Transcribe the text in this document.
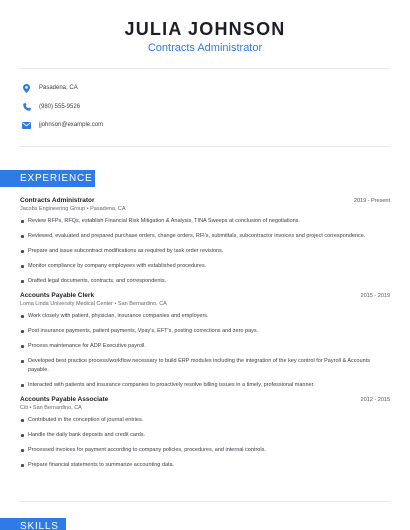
JULIA JOHNSON
Contracts Administrator
Pasadena, CA
(980) 555-9526
jjohnson@example.com
EXPERIENCE
Contracts Administrator	2019 - Present
Jacobs Engineering Group • Pasadena, CA
Review RFPs, RFQs, establish Financial Risk Mitigation & Analysis, TINA Sweeps at conclusion of negotiations.
Reviewed, evaluated and prepared purchase orders, change orders, RFI's, submittals, subcontractor invoices and project correspondence.
Prepare and issue subcontract modifications as required by task order revisions.
Monitor compliance by company employees with established procedures.
Drafted legal documents, contracts, and correspondents.
Accounts Payable Clerk	2015 - 2019
Loma Linda University Medical Center • San Bernardino, CA
Work closely with patient, physician, insurance companies and employers.
Post insurance payments, patient payments, Vpay's, EFT's, posting corrections and zero pays.
Process maintenance for ADP Executive payroll.
Developed best practice process/workflow necessary to build ERP modules including the integration of the key control for Payroll & Accounts payable.
Interacted with patients and insurance companies to proactively resolve billing issues in a timely, professional manner.
Accounts Payable Associate	2012 - 2015
Citi • San Bernardino, CA
Contributed in the conception of journal entries.
Handle the daily bank deposits and credit cards.
Processed invoices for payment according to company policies, procedures, and internal controls.
Prepare financial statements to summarize accounting data.
SKILLS
